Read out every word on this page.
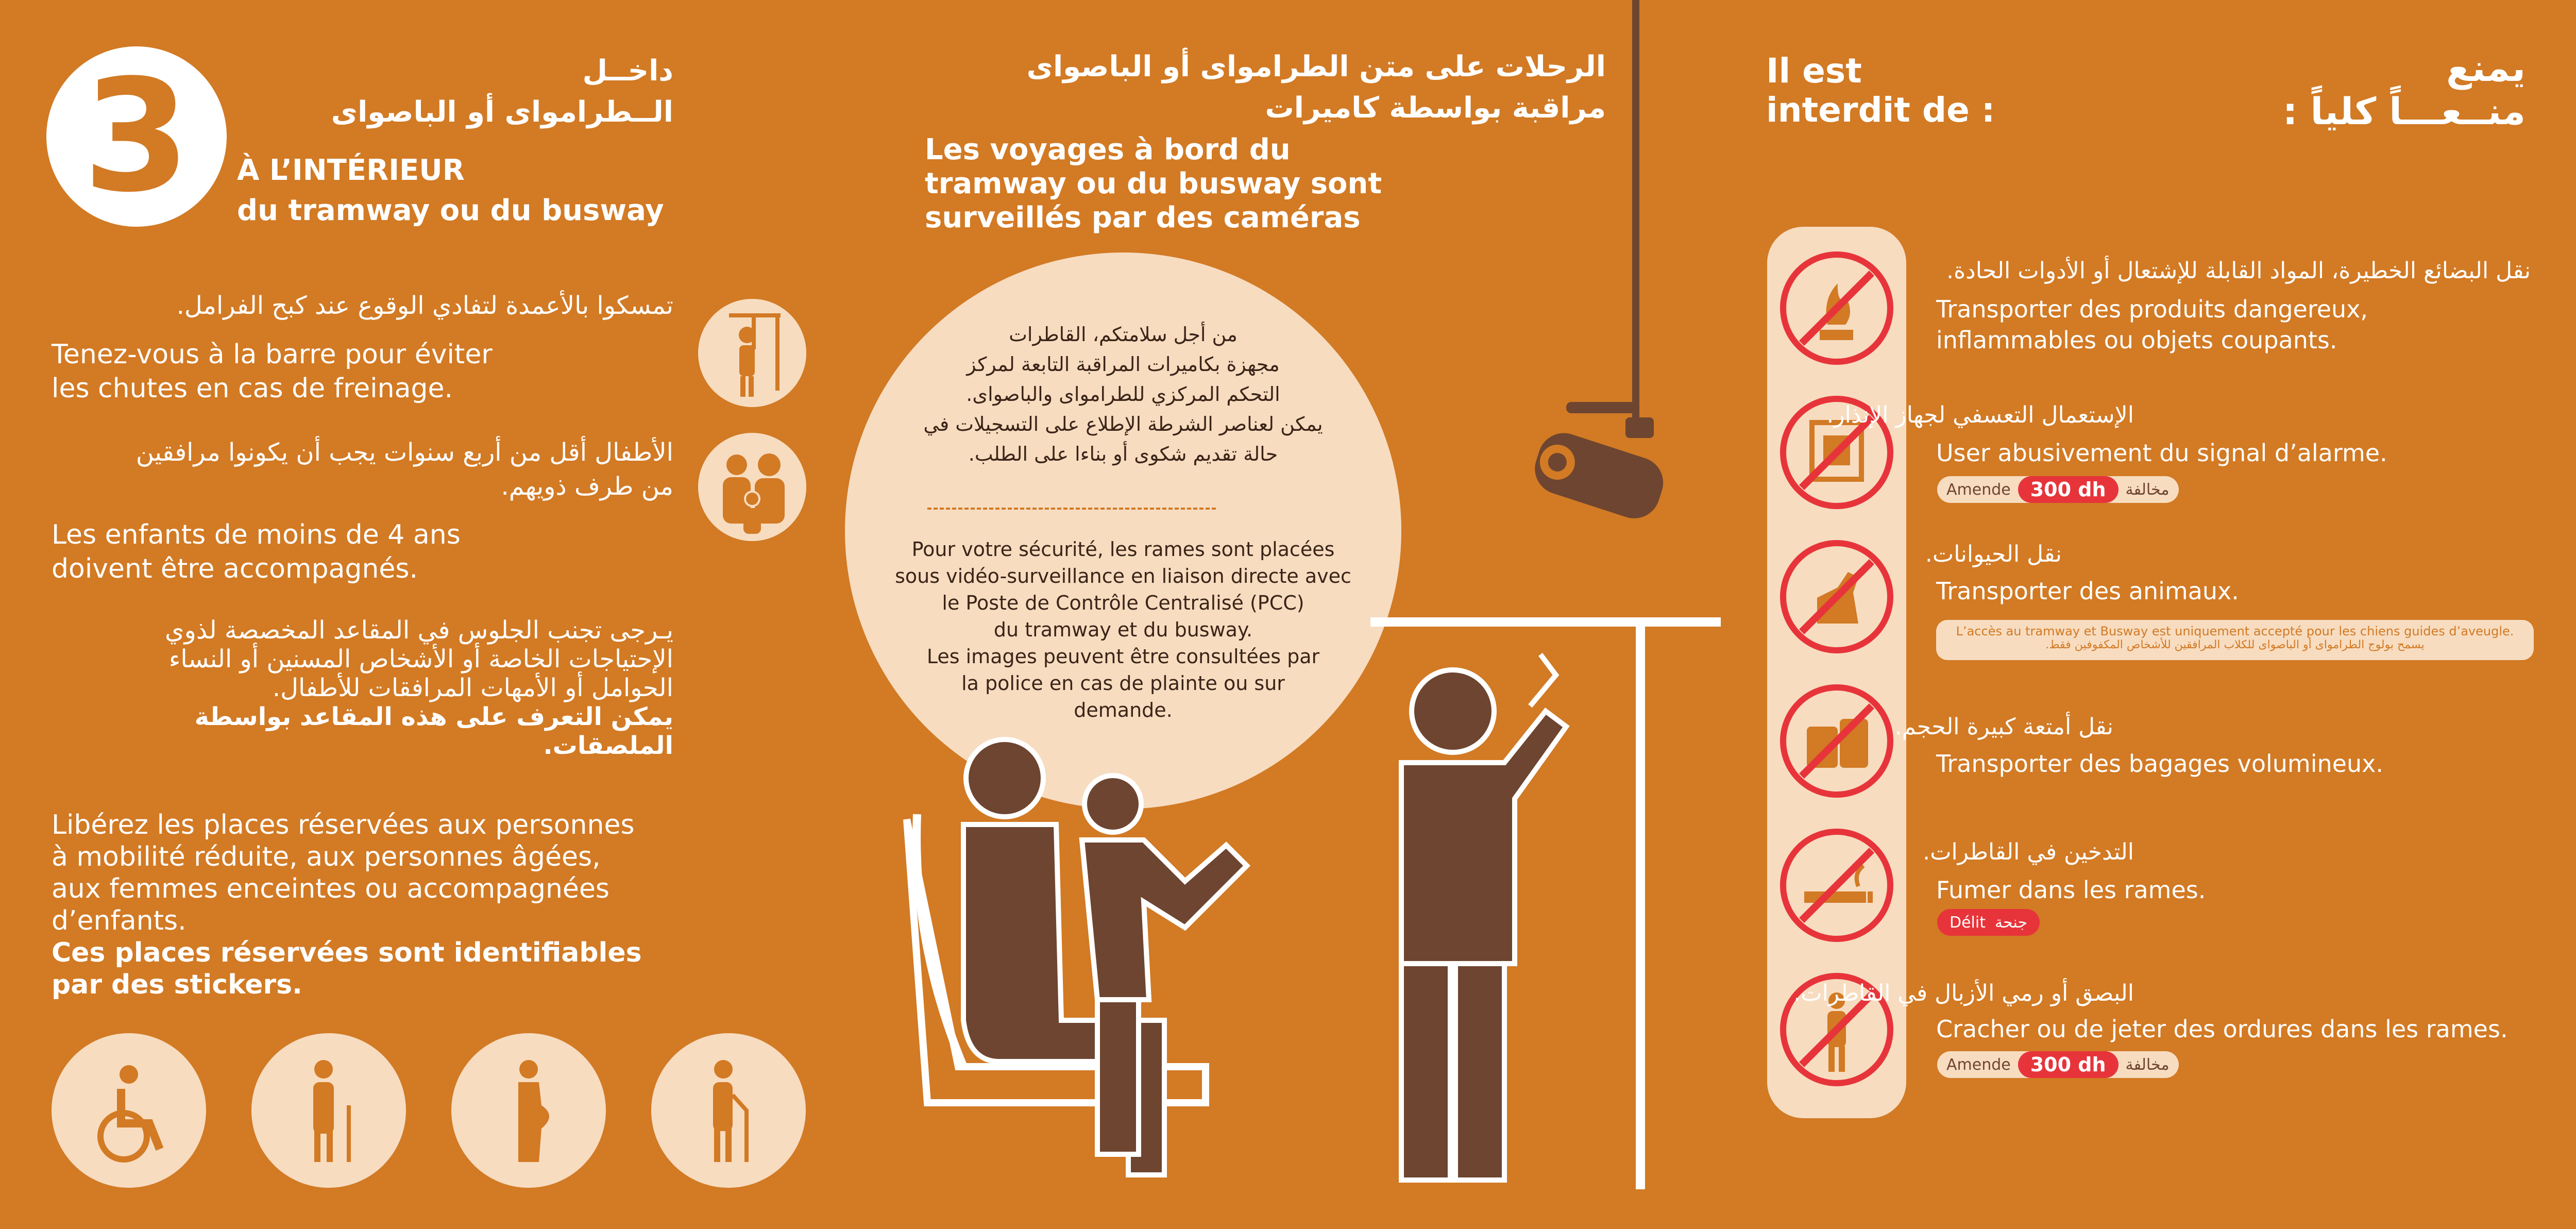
3	داخــل
الــطراموای أو الباصوای
À L’INTÉRIEUR
du tramway ou du busway
تمسكوا بالأعمدة لتفادي الوقوع عند كبح الفرامل.
Tenez-vous à la barre pour éviter
les chutes en cas de freinage.
الأطفال أقل من أربع سنوات يجب أن يكونوا مرافقين
من طرف ذويهم.
Les enfants de moins de 4 ans
doivent être accompagnés.
يـرجى تجنب الجلوس في المقاعد المخصصة لذوي
الإحتياجات الخاصة أو الأشخاص المسنين أو النساء
الحوامل أو الأمهات المرافقات للأطفال.
يمكن التعرف على هذه المقاعد بواسطة
الملصقات.
Libérez les places réservées aux personnes
à mobilité réduite, aux personnes âgées,
aux femmes enceintes ou accompagnées
d’enfants.
Ces places réservées sont identifiables
par des stickers.
الرحلات على متن الطراموای أو الباصوای
مراقبة بواسطة كاميرات
Les voyages à bord du
tramway ou du busway sont
surveillés par des caméras
من أجل سلامتكم، القاطرات
مجهزة بكاميرات المراقبة التابعة لمركز
التحكم المركزي للطراموای والباصوای.
يمكن لعناصر الشرطة الإطلاع على التسجيلات في
حالة تقديم شكوى أو بناءا على الطلب.
Pour votre sécurité, les rames sont placées
sous vidéo-surveillance en liaison directe avec
le Poste de Contrôle Centralisé (PCC)
du tramway et du busway.
Les images peuvent être consultées par
la police en cas de plainte ou sur
demande.
Il est
interdit de :
يمنع
منــعـــاً كلياً :
نقل البضائع الخطيرة، المواد القابلة للإشتعال أو الأدوات الحادة.
Transporter des produits dangereux,
inflammables ou objets coupants.
الإستعمال التعسفي لجهاز الإنذار.
User abusivement du signal d’alarme.
Amende	300 dh	مخالفة
نقل الحيوانات.
Transporter des animaux.
L’accès au tramway et Busway est uniquement accepté pour les chiens guides d’aveugle.
يسمح بولوج الطراموای أو الباصوای للكلاب المرافقين للأشخاص المكفوفين فقط.
نقل أمتعة كبيرة الحجم.
Transporter des bagages volumineux.
التدخين في القاطرات.
Fumer dans les rames.
Délit جنحة
البصق أو رمي الأزبال في القاطرات.
Cracher ou de jeter des ordures dans les rames.
Amende	300 dh	مخالفة
